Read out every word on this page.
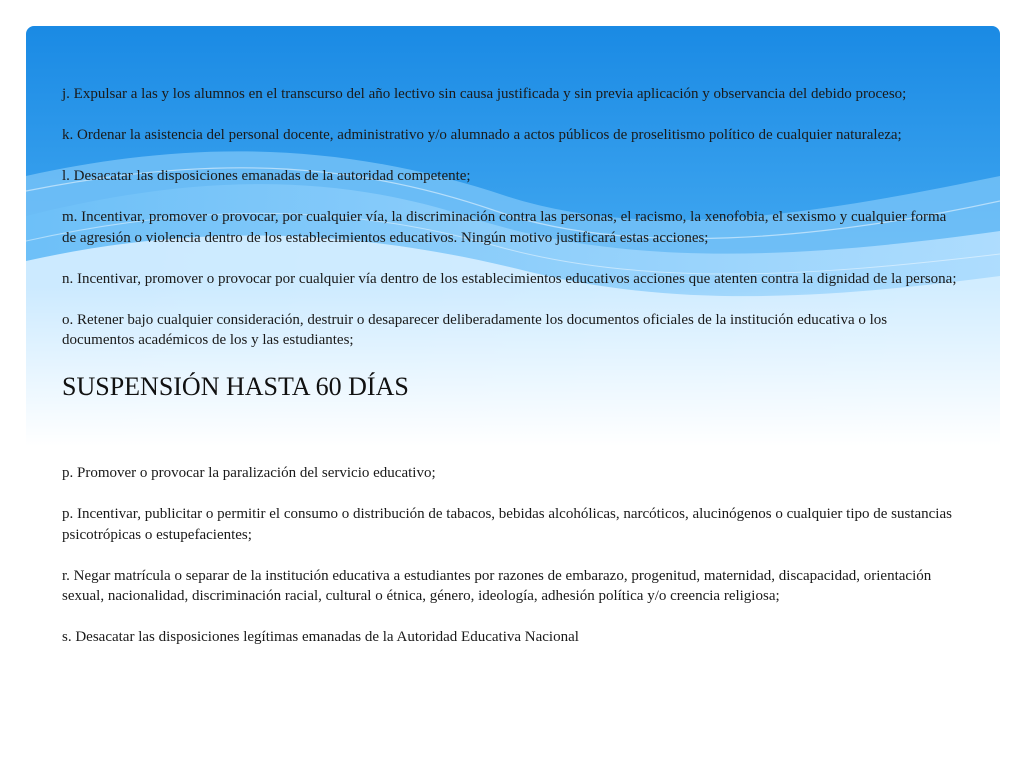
j. Expulsar a las y los alumnos en el transcurso del año lectivo sin causa justificada y sin previa aplicación y observancia del debido proceso;

k. Ordenar la asistencia del personal docente, administrativo y/o alumnado a actos públicos de proselitismo político de cualquier naturaleza;

l. Desacatar las disposiciones emanadas de la autoridad competente;

m. Incentivar, promover o provocar, por cualquier vía, la discriminación contra las personas, el racismo, la xenofobia, el sexismo y cualquier forma de agresión o violencia dentro de los establecimientos educativos. Ningún motivo justificará estas acciones;

n. Incentivar, promover o provocar por cualquier vía dentro de los establecimientos educativos acciones que atenten contra la dignidad de la persona;

o. Retener bajo cualquier consideración, destruir o desaparecer deliberadamente los documentos oficiales de la institución educativa o los documentos académicos de los y las estudiantes;

SUSPENSIÓN HASTA 60 DÍAS

p. Promover o provocar la paralización del servicio educativo;

p. Incentivar, publicitar o permitir el consumo o distribución de tabacos, bebidas alcohólicas, narcóticos, alucinógenos o cualquier tipo de sustancias psicotrópicas o estupefacientes;

r. Negar matrícula o separar de la institución educativa a estudiantes por razones de embarazo, progenitud, maternidad, discapacidad, orientación sexual, nacionalidad, discriminación racial, cultural o étnica, género, ideología, adhesión política y/o creencia religiosa;

s. Desacatar las disposiciones legítimas emanadas de la Autoridad Educativa Nacional
